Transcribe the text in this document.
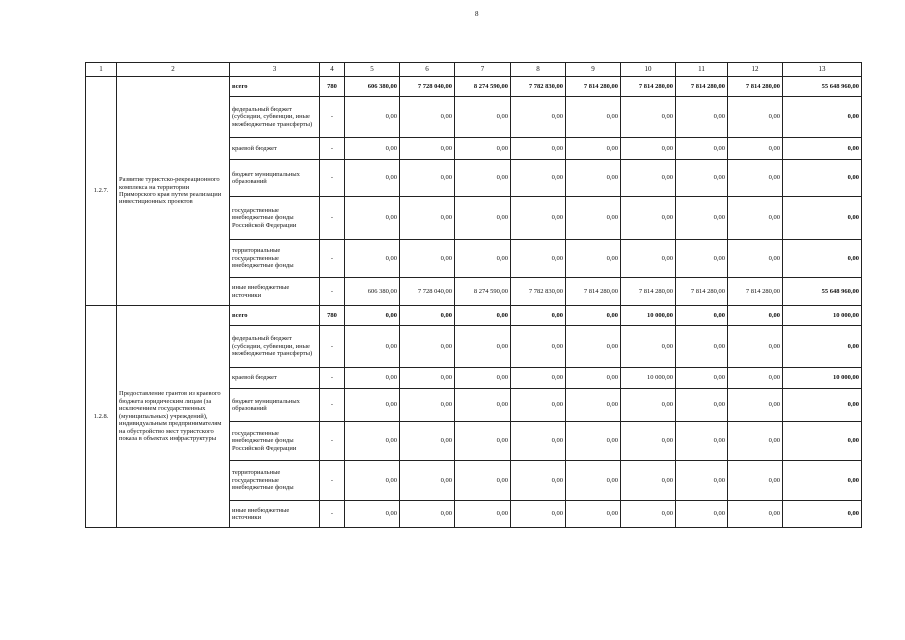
8
1	2	3	4	5	6	7	8	9	10	11	12	13
1.2.7.	Развитие туристско-рекреационного комплекса на территории Приморского края путем реализации инвестиционных проектов	всего	780	606 380,00	7 728 040,00	8 274 590,00	7 782 830,00	7 814 280,00	7 814 280,00	7 814 280,00	7 814 280,00	55 648 960,00
		федеральный бюджет (субсидии, субвенции, иные межбюджетные трансферты)	-	0,00	0,00	0,00	0,00	0,00	0,00	0,00	0,00	0,00
		краевой бюджет	-	0,00	0,00	0,00	0,00	0,00	0,00	0,00	0,00	0,00
		бюджет муниципальных образований	-	0,00	0,00	0,00	0,00	0,00	0,00	0,00	0,00	0,00
		государственные внебюджетные фонды Российской Федерации	-	0,00	0,00	0,00	0,00	0,00	0,00	0,00	0,00	0,00
		территориальные государственные внебюджетные фонды	-	0,00	0,00	0,00	0,00	0,00	0,00	0,00	0,00	0,00
		иные внебюджетные источники	-	606 380,00	7 728 040,00	8 274 590,00	7 782 830,00	7 814 280,00	7 814 280,00	7 814 280,00	7 814 280,00	55 648 960,00
1.2.8.	Предоставление грантов из краевого бюджета юридическим лицам (за исключением государственных (муниципальных) учреждений), индивидуальным предпринимателям на обустройство мест туристского показа в объектах инфраструктуры	всего	780	0,00	0,00	0,00	0,00	0,00	10 000,00	0,00	0,00	10 000,00
		федеральный бюджет (субсидии, субвенции, иные межбюджетные трансферты)	-	0,00	0,00	0,00	0,00	0,00	0,00	0,00	0,00	0,00
		краевой бюджет	-	0,00	0,00	0,00	0,00	0,00	10 000,00	0,00	0,00	10 000,00
		бюджет муниципальных образований	-	0,00	0,00	0,00	0,00	0,00	0,00	0,00	0,00	0,00
		государственные внебюджетные фонды Российской Федерации	-	0,00	0,00	0,00	0,00	0,00	0,00	0,00	0,00	0,00
		территориальные государственные внебюджетные фонды	-	0,00	0,00	0,00	0,00	0,00	0,00	0,00	0,00	0,00
		иные внебюджетные источники	-	0,00	0,00	0,00	0,00	0,00	0,00	0,00	0,00	0,00
